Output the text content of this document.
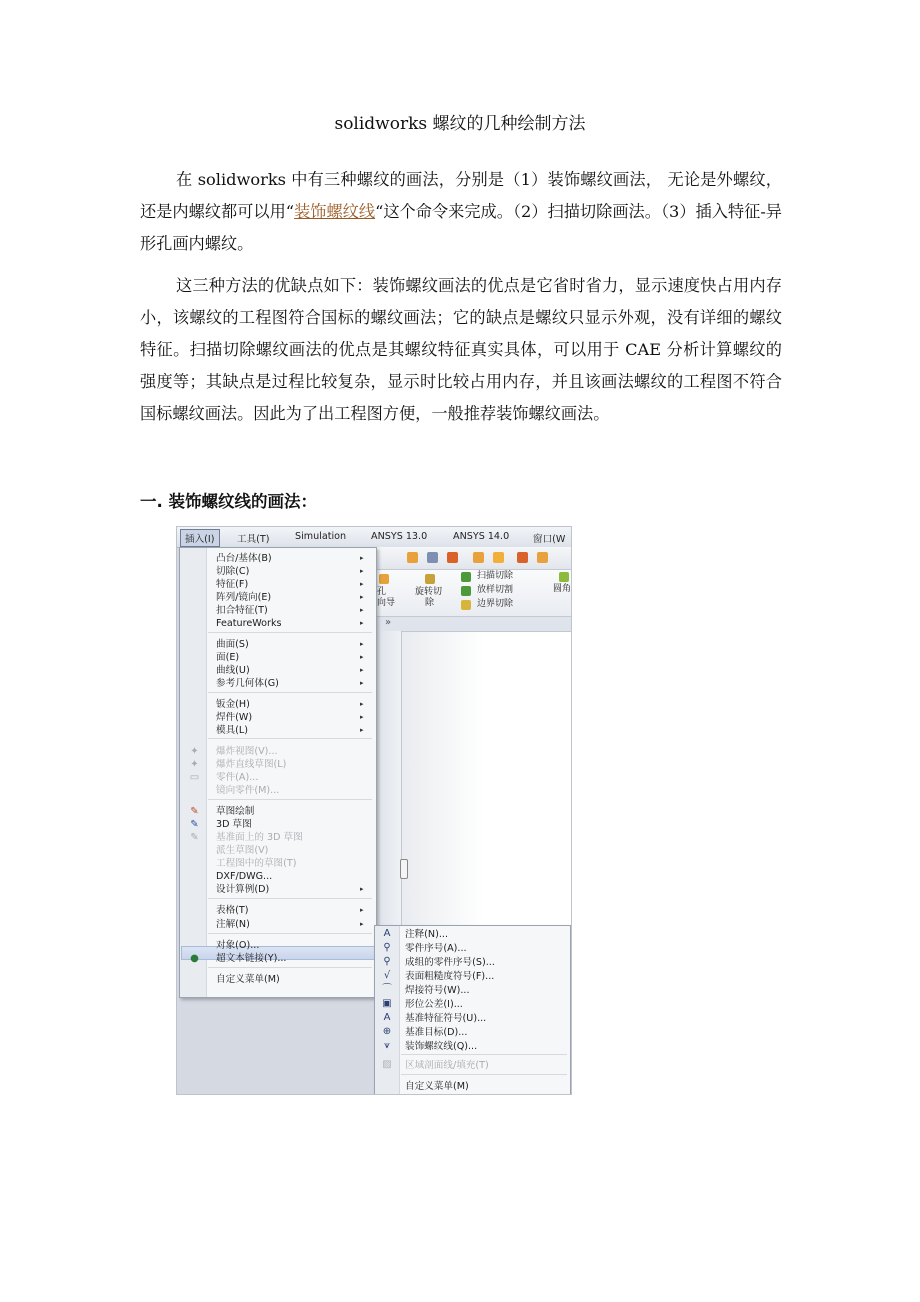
solidworks 螺纹的几种绘制方法

在 solidworks 中有三种螺纹的画法，分别是（1）装饰螺纹画法， 无论是外螺纹，还是内螺纹都可以用“装饰螺纹线“这个命令来完成。（2）扫描切除画法。（3）插入特征-异形孔画内螺纹。

这三种方法的优缺点如下：装饰螺纹画法的优点是它省时省力，显示速度快占用内存小，该螺纹的工程图符合国标的螺纹画法；它的缺点是螺纹只显示外观，没有详细的螺纹特征。扫描切除螺纹画法的优点是其螺纹特征真实具体，可以用于 CAE 分析计算螺纹的强度等；其缺点是过程比较复杂，显示时比较占用内存，并且该画法螺纹的工程图不符合国标螺纹画法。因此为了出工程图方便，一般推荐装饰螺纹画法。

一. 装饰螺纹线的画法：
插入(I)	工具(T)	Simulation	ANSYS 13.0	ANSYS 14.0 窗口(W
孔
向导
旋转切
除
扫描切除
放样切割
边界切除
圆角
»
凸台/基体(B)	▸
切除(C)	▸
特征(F)	▸
阵列/镜向(E)	▸
扣合特征(T)	▸
FeatureWorks	▸
曲面(S)	▸
面(E)	▸
曲线(U)	▸
参考几何体(G)	▸
钣金(H)	▸
焊件(W)	▸
模具(L)	▸
爆炸视图(V)...
✦
爆炸直线草图(L)
✦
零件(A)...
▭
镜向零件(M)...
草图绘制
✎
3D 草图
✎
基准面上的 3D 草图
✎
派生草图(V)
工程图中的草图(T)
DXF/DWG...
设计算例(D)	▸
表格(T)	▸
注解(N)	▸
对象(O)...
超文本链接(Y)...
●
自定义菜单(M)
注释(N)...
A
零件序号(A)...
⚲
成组的零件序号(S)...
⚲
表面粗糙度符号(F)...
√
焊接符号(W)...
⌒
形位公差(I)...
▣
基准特征符号(U)...
A
基准目标(D)...
⊕
装饰螺纹线(Q)...
⩛
区域剖面线/填充(T)
▨
自定义菜单(M)
